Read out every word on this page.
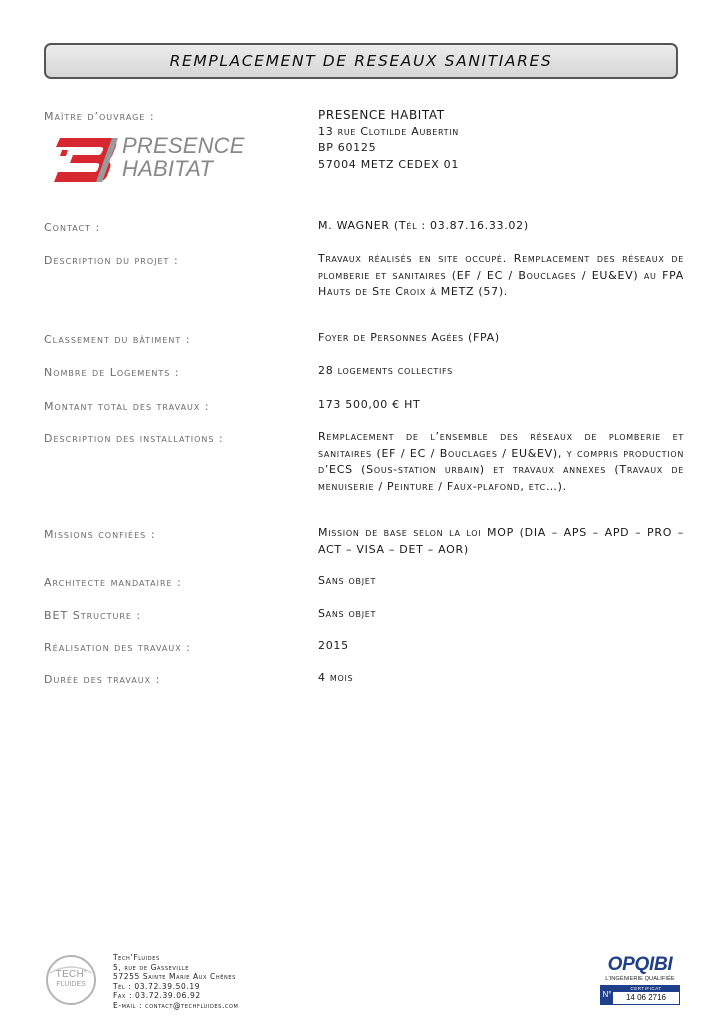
REMPLACEMENT DE RESEAUX SANITIARES
Maître d’ouvrage :	PRESENCE HABITAT
13 rue Clotilde Aubertin
BP 60125
57004 METZ CEDEX 01
PRESENCE
HABITAT
Contact :	M. WAGNER (Tél : 03.87.16.33.02)
Description du projet :	Travaux réalisés en site occupé. Remplacement des réseaux de plomberie et sanitaires (EF / EC / Bouclages / EU&EV) au FPA Hauts de Ste Croix à METZ (57).
Classement du bâtiment :	Foyer de Personnes Agées (FPA)
Nombre de Logements :	28 logements collectifs
Montant total des travaux :	173 500,00 € HT
Description des installations :	Remplacement de l’ensemble des réseaux de plomberie et sanitaires (EF / EC / Bouclages / EU&EV), y compris production d’ECS (Sous-station urbain) et travaux annexes (Travaux de menuiserie / Peinture / Faux-plafond, etc…).
Missions confiées :	Mission de base selon la loi MOP (DIA – APS – APD – PRO – ACT – VISA – DET – AOR)
Architecte mandataire :	Sans objet
BET Structure :	Sans objet
Réalisation des travaux :	2015
Durée des travaux :	4 mois
TECH'
FLUIDES
Tech’Fluides
5, rue de Gasseville
57255 Sainte Marie Aux Chênes
Tél : 03.72.39.50.19
Fax : 03.72.39.06.92
E-mail : contact@techfluides.com
OPQIBI
L'INGÉNIERIE QUALIFIÉE
N°
CERTIFICAT
14 06 2716
